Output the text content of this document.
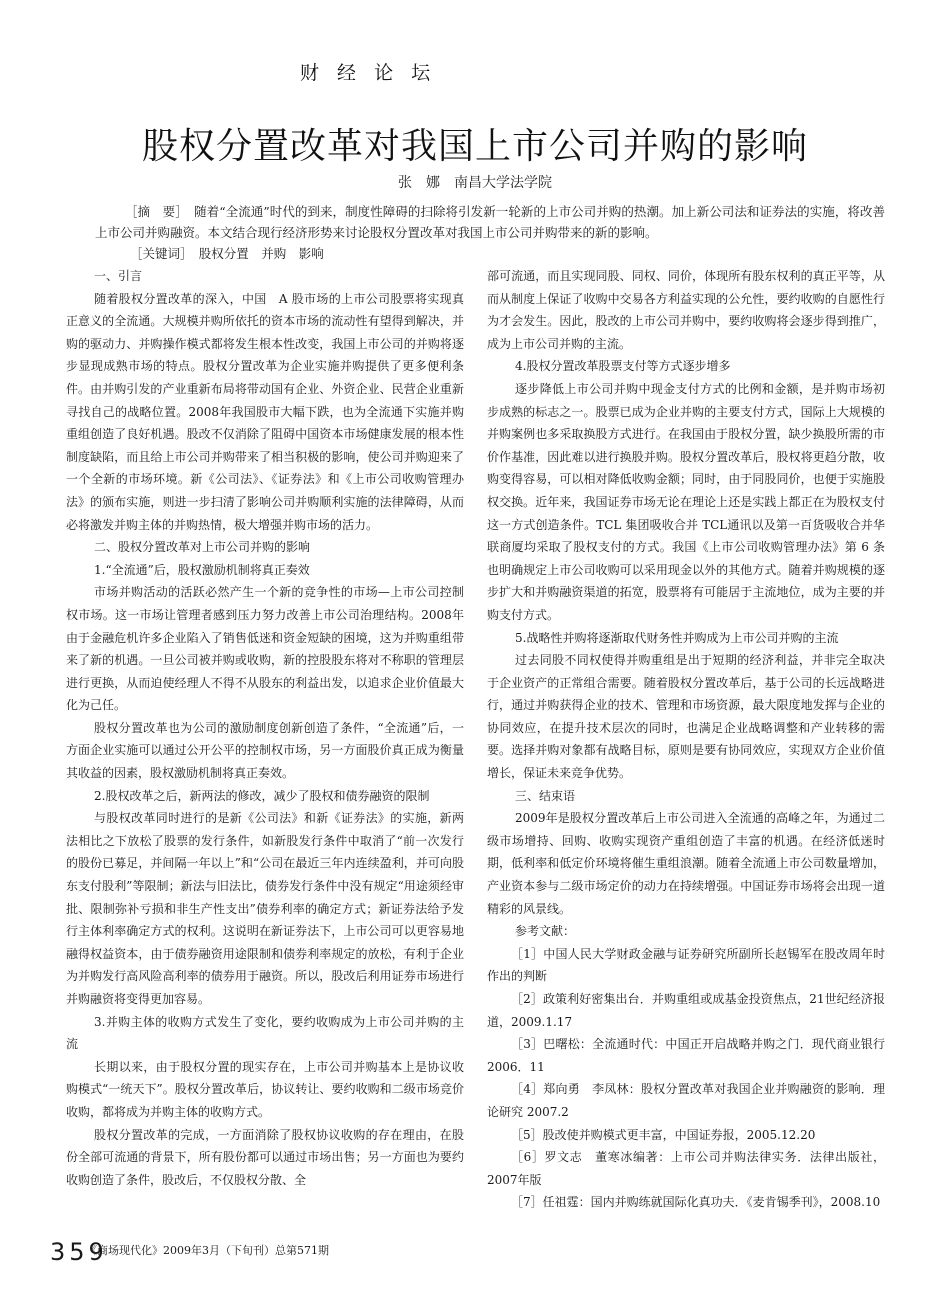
财 经 论 坛
股权分置改革对我国上市公司并购的影响
张　娜　南昌大学法学院
［摘　要］　随着“全流通”时代的到来，制度性障碍的扫除将引发新一轮新的上市公司并购的热潮。加上新公司法和证券法的实施，将改善上市公司并购融资。本文结合现行经济形势来讨论股权分置改革对我国上市公司并购带来的新的影响。
［关键词］　股权分置　并购　影响

一、引言

随着股权分置改革的深入，中国　A 股市场的上市公司股票将实现真正意义的全流通。大规模并购所依托的资本市场的流动性有望得到解决，并购的驱动力、并购操作模式都将发生根本性改变，我国上市公司的并购将逐步显现成熟市场的特点。股权分置改革为企业实施并购提供了更多便利条件。由并购引发的产业重新布局将带动国有企业、外资企业、民营企业重新寻找自己的战略位置。2008年我国股市大幅下跌，也为全流通下实施并购重组创造了良好机遇。股改不仅消除了阻碍中国资本市场健康发展的根本性制度缺陷，而且给上市公司并购带来了相当积极的影响，使公司并购迎来了一个全新的市场环境。新《公司法》、《证券法》和《上市公司收购管理办法》的颁布实施，则进一步扫清了影响公司并购顺利实施的法律障碍，从而必将激发并购主体的并购热情，极大增强并购市场的活力。

二、股权分置改革对上市公司并购的影响

1.“全流通”后，股权激励机制将真正奏效

市场并购活动的活跃必然产生一个新的竞争性的市场—上市公司控制权市场。这一市场让管理者感到压力努力改善上市公司治理结构。2008年由于金融危机许多企业陷入了销售低迷和资金短缺的困境，这为并购重组带来了新的机遇。一旦公司被并购或收购，新的控股股东将对不称职的管理层进行更换，从而迫使经理人不得不从股东的利益出发，以追求企业价值最大化为己任。

股权分置改革也为公司的激励制度创新创造了条件，“全流通”后，一方面企业实施可以通过公开公平的控制权市场，另一方面股价真正成为衡量其收益的因素，股权激励机制将真正奏效。

2.股权改革之后，新两法的修改，减少了股权和债券融资的限制

与股权改革同时进行的是新《公司法》和新《证券法》的实施，新两法相比之下放松了股票的发行条件，如新股发行条件中取消了“前一次发行的股份已募足，并间隔一年以上”和“公司在最近三年内连续盈利，并可向股东支付股利”等限制；新法与旧法比，债券发行条件中没有规定“用途须经审批、限制弥补亏损和非生产性支出”债券利率的确定方式；新证券法给予发行主体利率确定方式的权利。这说明在新证券法下，上市公司可以更容易地融得权益资本，由于债券融资用途限制和债券利率规定的放松，有利于企业为并购发行高风险高利率的债券用于融资。所以，股改后利用证券市场进行并购融资将变得更加容易。

3.并购主体的收购方式发生了变化，要约收购成为上市公司并购的主流

长期以来，由于股权分置的现实存在，上市公司并购基本上是协议收购模式“一统天下”。股权分置改革后，协议转让、要约收购和二级市场竞价收购，都将成为并购主体的收购方式。

股权分置改革的完成，一方面消除了股权协议收购的存在理由，在股份全部可流通的背景下，所有股份都可以通过市场出售；另一方面也为要约收购创造了条件，股改后，不仅股权分散、全

部可流通，而且实现同股、同权、同价，体现所有股东权利的真正平等，从而从制度上保证了收购中交易各方利益实现的公允性，要约收购的自愿性行为才会发生。因此，股改的上市公司并购中，要约收购将会逐步得到推广，成为上市公司并购的主流。

4.股权分置改革股票支付等方式逐步增多

逐步降低上市公司并购中现金支付方式的比例和金额，是并购市场初步成熟的标志之一。股票已成为企业并购的主要支付方式，国际上大规模的并购案例也多采取换股方式进行。在我国由于股权分置，缺少换股所需的市价作基准，因此难以进行换股并购。股权分置改革后，股权将更趋分散，收购变得容易，可以相对降低收购金额；同时，由于同股同价，也便于实施股权交换。近年来，我国证券市场无论在理论上还是实践上都正在为股权支付这一方式创造条件。TCL 集团吸收合并 TCL通讯以及第一百货吸收合并华联商厦均采取了股权支付的方式。我国《上市公司收购管理办法》第 6 条也明确规定上市公司收购可以采用现金以外的其他方式。随着并购规模的逐步扩大和并购融资渠道的拓宽，股票将有可能居于主流地位，成为主要的并购支付方式。

5.战略性并购将逐渐取代财务性并购成为上市公司并购的主流

过去同股不同权使得并购重组是出于短期的经济利益，并非完全取决于企业资产的正常组合需要。随着股权分置改革后，基于公司的长远战略进行，通过并购获得企业的技术、管理和市场资源，最大限度地发挥与企业的协同效应，在提升技术层次的同时，也满足企业战略调整和产业转移的需要。选择并购对象都有战略目标，原则是要有协同效应，实现双方企业价值增长，保证未来竞争优势。

三、结束语

2009年是股权分置改革后上市公司进入全流通的高峰之年，为通过二级市场增持、回购、收购实现资产重组创造了丰富的机遇。在经济低迷时期，低利率和低定价环境将催生重组浪潮。随着全流通上市公司数量增加，产业资本参与二级市场定价的动力在持续增强。中国证券市场将会出现一道精彩的风景线。

参考文献：

［1］中国人民大学财政金融与证券研究所副所长赵锡军在股改周年时作出的判断

［2］政策利好密集出台．并购重组或成基金投资焦点，21世纪经济报道，2009.1.17

［3］巴曙松：全流通时代：中国正开启战略并购之门．现代商业银行 2006．11

［4］郑向勇　李凤林：股权分置改革对我国企业并购融资的影响．理论研究 2007.2

［5］股改使并购模式更丰富，中国证券报，2005.12.20

［6］罗文志　董寒冰编著：上市公司并购法律实务．法律出版社，2007年版

［7］任祖霆：国内并购练就国际化真功夫．《麦肯锡季刊》，2008.10

359
《商场现代化》2009年3月（下旬刊）总第571期
